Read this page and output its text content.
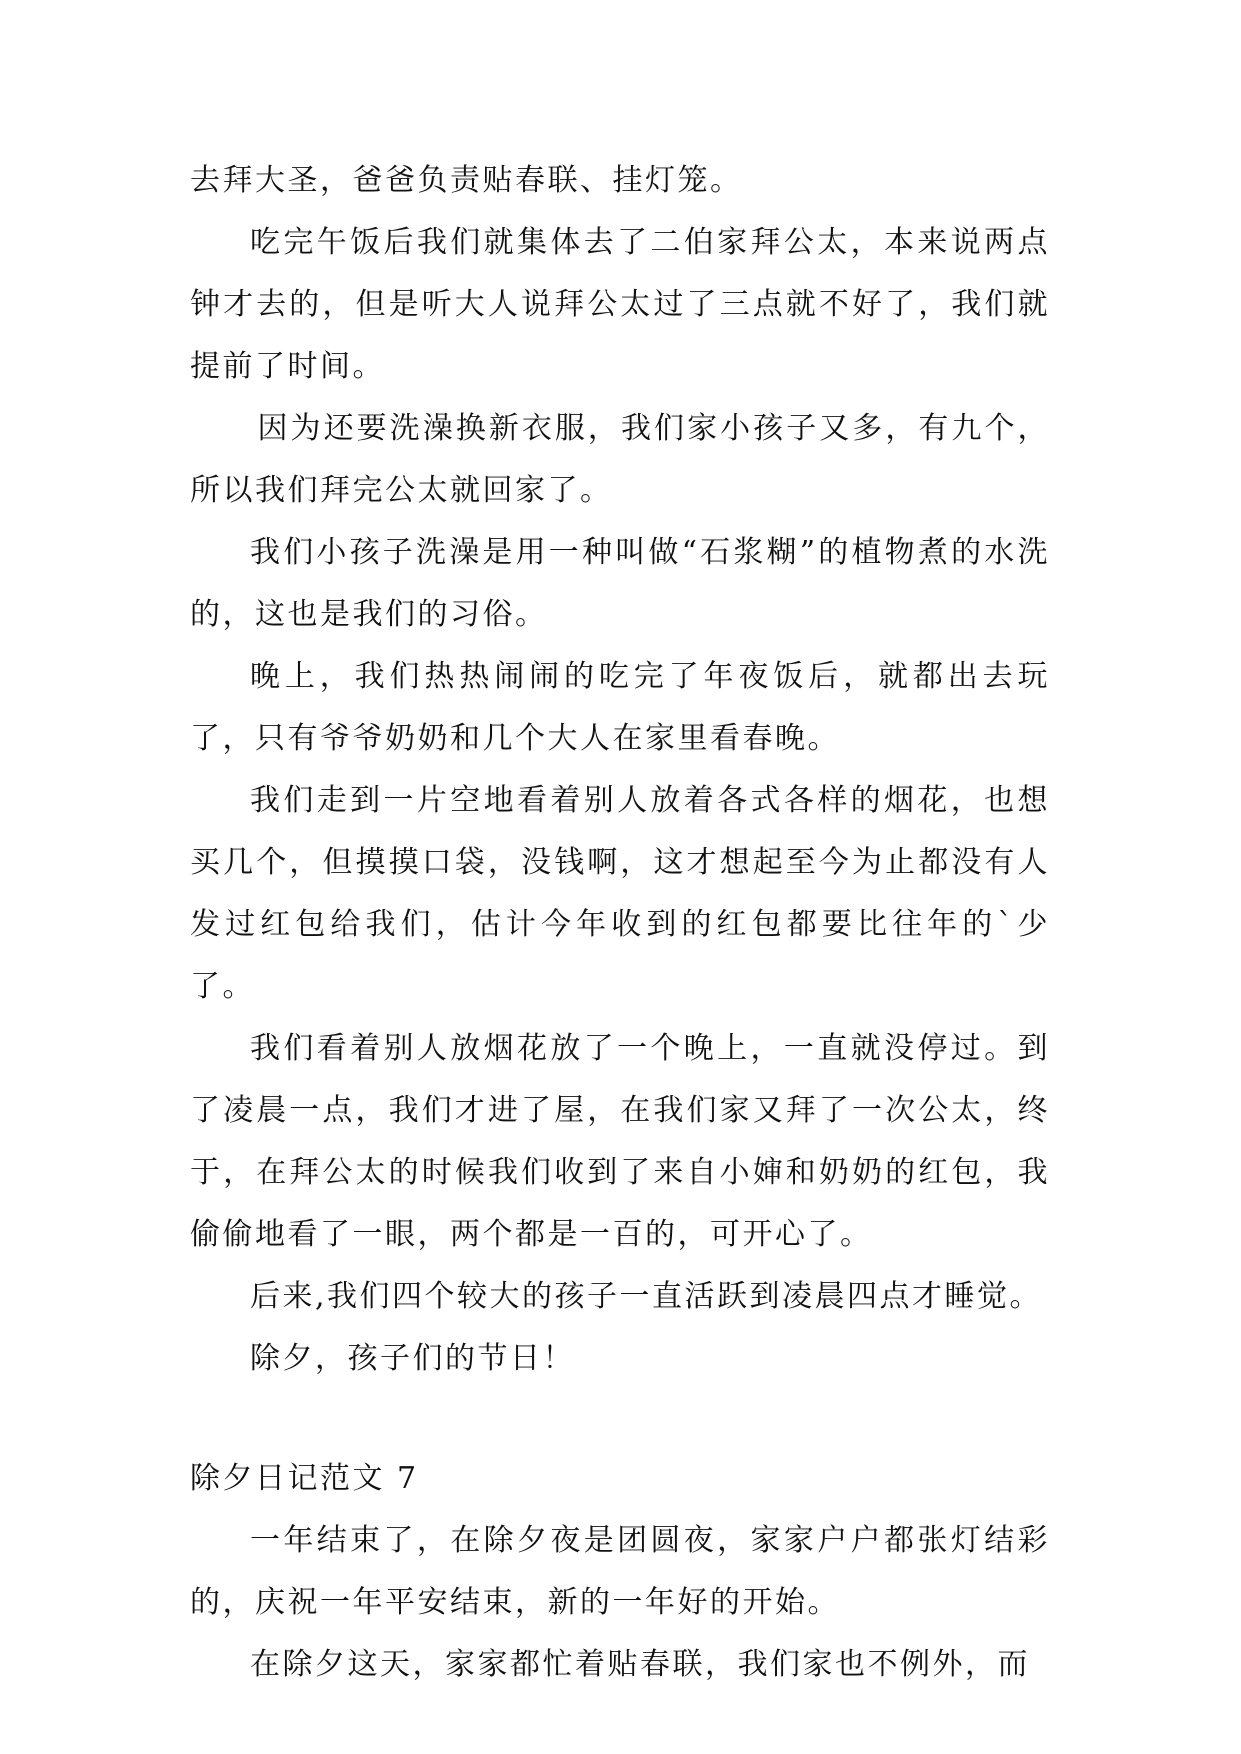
去拜大圣，爸爸负责贴春联、挂灯笼。

吃完午饭后我们就集体去了二伯家拜公太，本来说两点钟才去的，但是听大人说拜公太过了三点就不好了，我们就提前了时间。

因为还要洗澡换新衣服，我们家小孩子又多，有九个，所以我们拜完公太就回家了。

我们小孩子洗澡是用一种叫做“石浆糊”的植物煮的水洗的，这也是我们的习俗。

晚上，我们热热闹闹的吃完了年夜饭后，就都出去玩了，只有爷爷奶奶和几个大人在家里看春晚。

我们走到一片空地看着别人放着各式各样的烟花，也想买几个，但摸摸口袋，没钱啊，这才想起至今为止都没有人发过红包给我们，估计今年收到的红包都要比往年的`少了。

我们看着别人放烟花放了一个晚上，一直就没停过。到了凌晨一点，我们才进了屋，在我们家又拜了一次公太，终于，在拜公太的时候我们收到了来自小婶和奶奶的红包，我偷偷地看了一眼，两个都是一百的，可开心了。

后来,我们四个较大的孩子一直活跃到凌晨四点才睡觉。

除夕，孩子们的节日！

除夕日记范文 7

一年结束了，在除夕夜是团圆夜，家家户户都张灯结彩的，庆祝一年平安结束，新的一年好的开始。

在除夕这天，家家都忙着贴春联，我们家也不例外，而
